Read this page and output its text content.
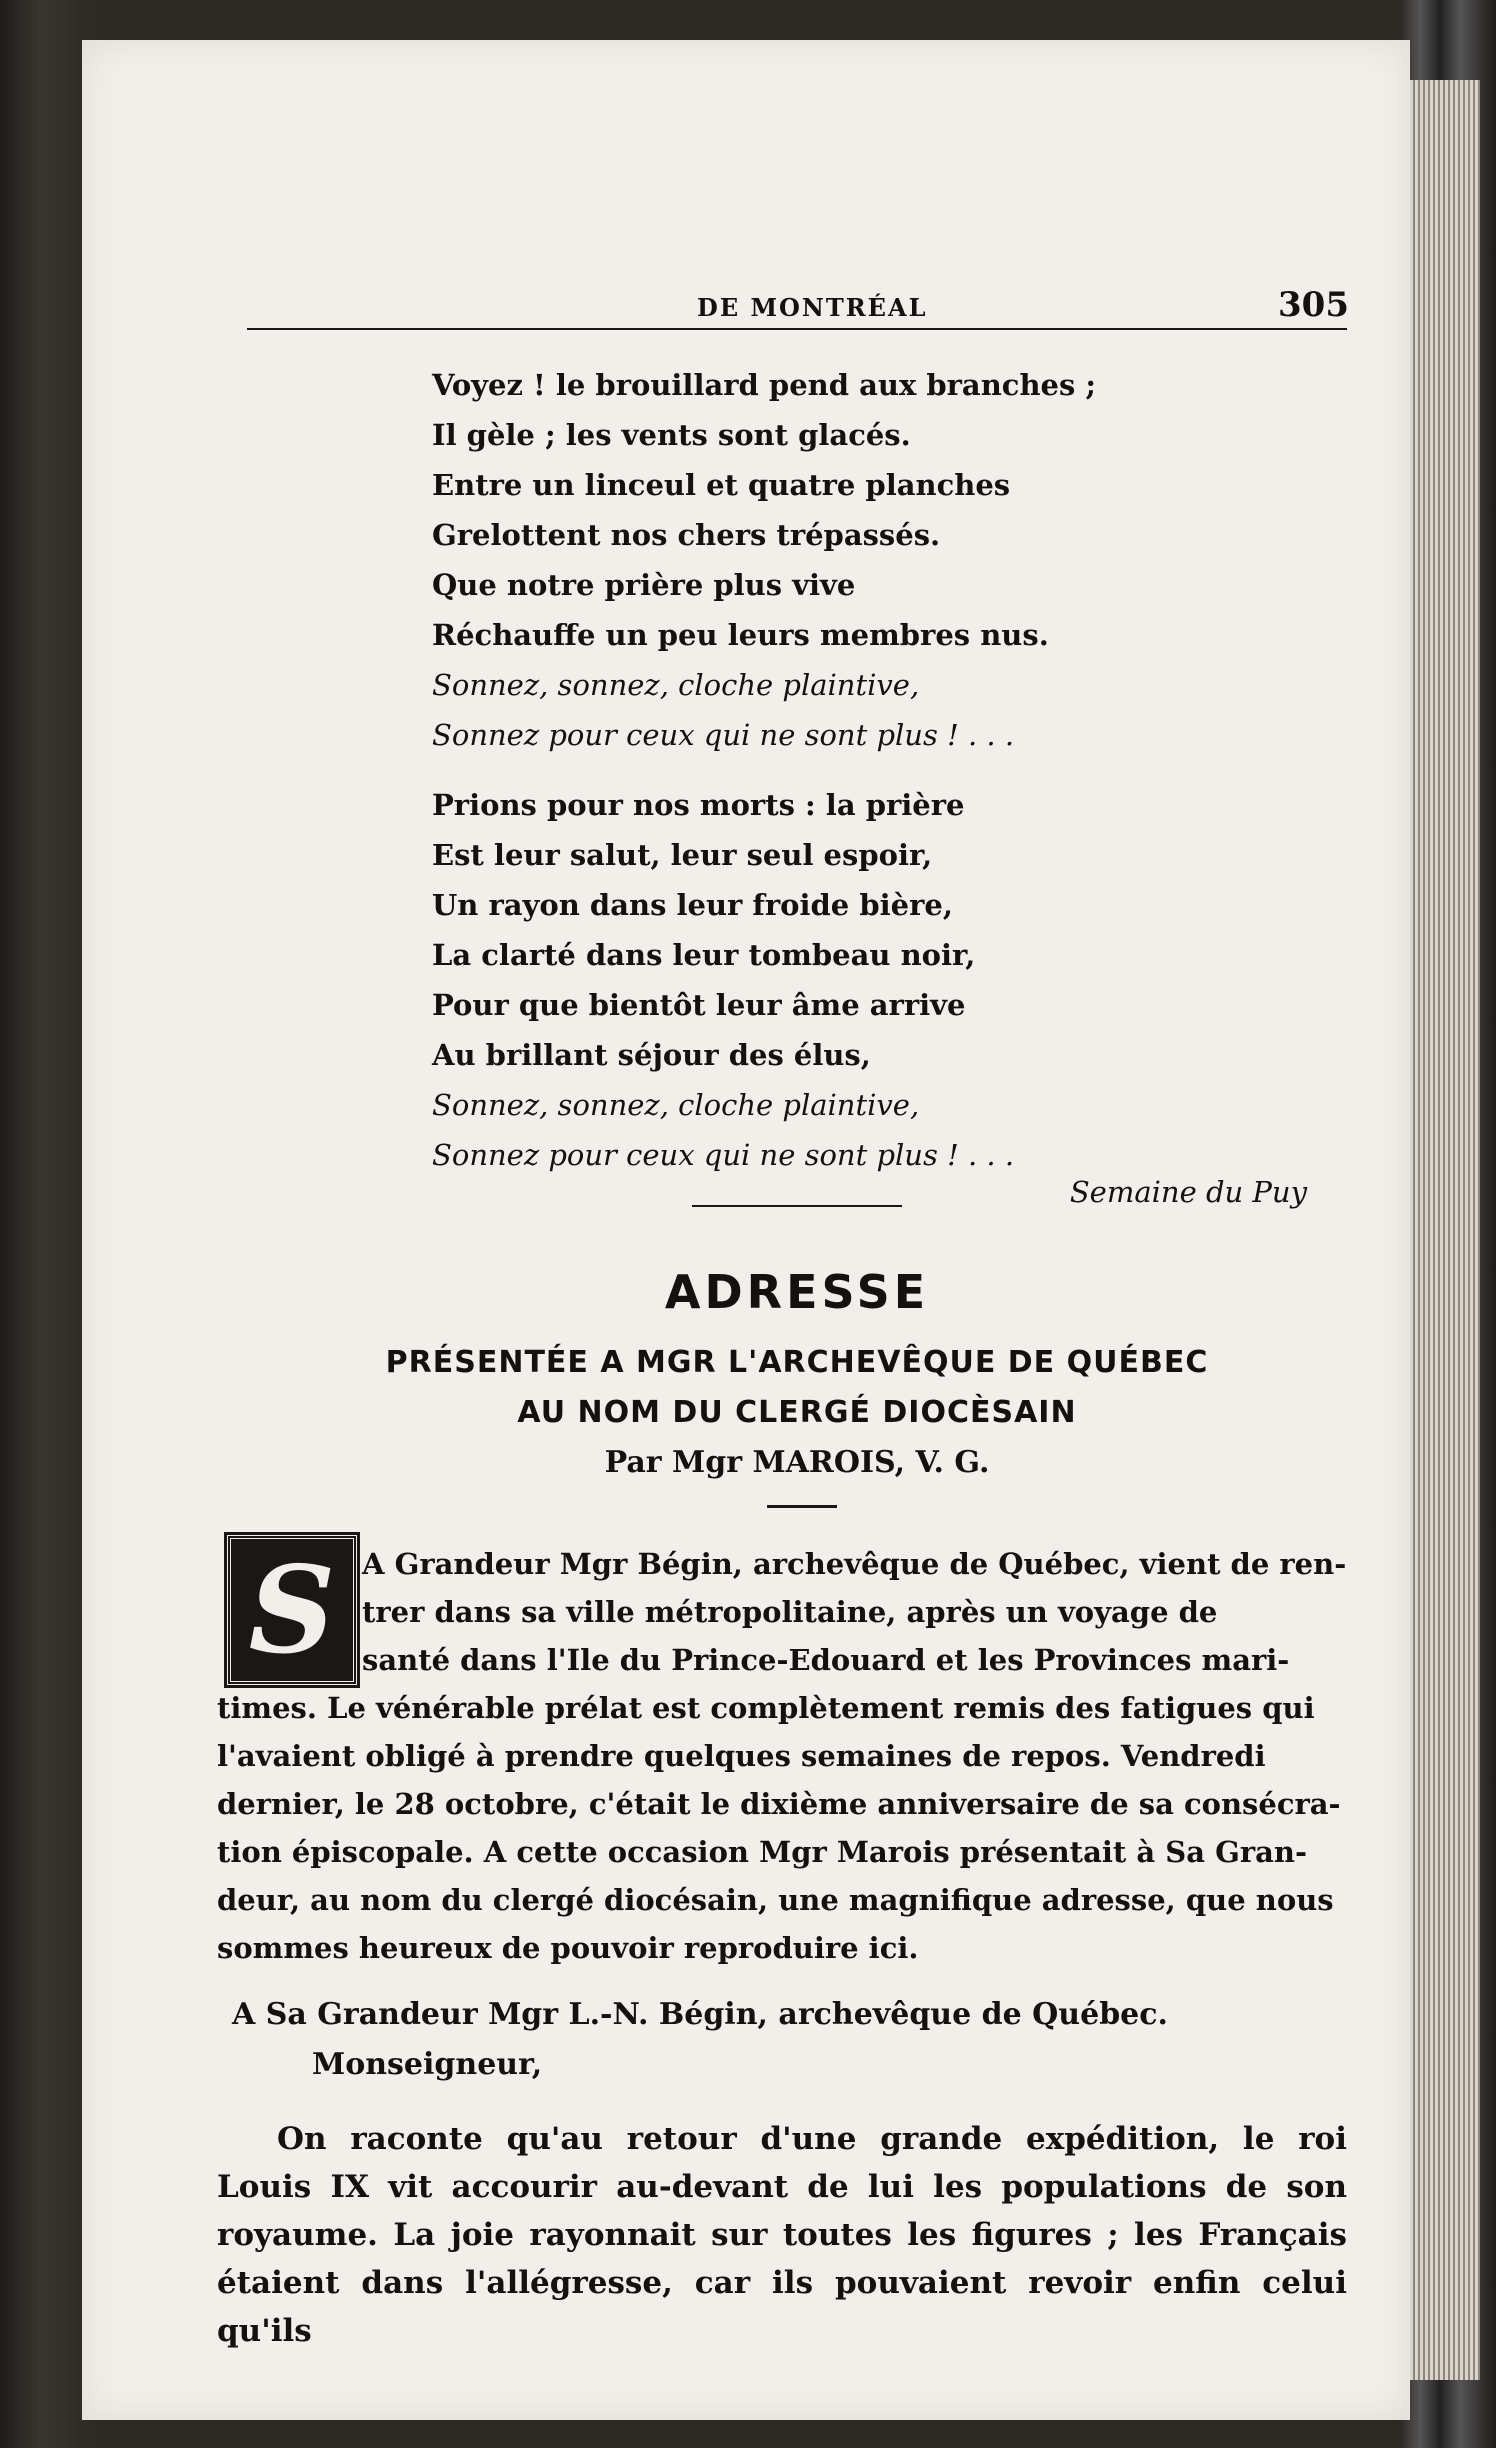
DE MONTRÉAL	305
Voyez ! le brouillard pend aux branches ;
Il gèle ; les vents sont glacés.
Entre un linceul et quatre planches
Grelottent nos chers trépassés.
Que notre prière plus vive
Réchauffe un peu leurs membres nus.
Sonnez, sonnez, cloche plaintive,
Sonnez pour ceux qui ne sont plus ! . . .
Prions pour nos morts : la prière
Est leur salut, leur seul espoir,
Un rayon dans leur froide bière,
La clarté dans leur tombeau noir,
Pour que bientôt leur âme arrive
Au brillant séjour des élus,
Sonnez, sonnez, cloche plaintive,
Sonnez pour ceux qui ne sont plus ! . . .
Semaine du Puy
ADRESSE
PRÉSENTÉE A MGR L'ARCHEVÊQUE DE QUÉBEC
AU NOM DU CLERGÉ DIOCÈSAIN
Par Mgr MAROIS, V. G.
A Grandeur Mgr Bégin, archevêque de Québec, vient de ren-
trer dans sa ville métropolitaine, après un voyage de
santé dans l'Ile du Prince-Edouard et les Provinces mari-
times. Le vénérable prélat est complètement remis des fatigues qui
l'avaient obligé à prendre quelques semaines de repos. Vendredi
dernier, le 28 octobre, c'était le dixième anniversaire de sa consécra-
tion épiscopale. A cette occasion Mgr Marois présentait à Sa Gran-
deur, au nom du clergé diocésain, une magnifique adresse, que nous
sommes heureux de pouvoir reproduire ici.
S
A Sa Grandeur Mgr L.-N. Bégin, archevêque de Québec.
Monseigneur,
On raconte qu'au retour d'une grande expédition, le roi Louis IX vit accourir au-devant de lui les populations de son royaume. La joie rayonnait sur toutes les figures ; les Français étaient dans l'allégresse, car ils pouvaient revoir enfin celui qu'ils
